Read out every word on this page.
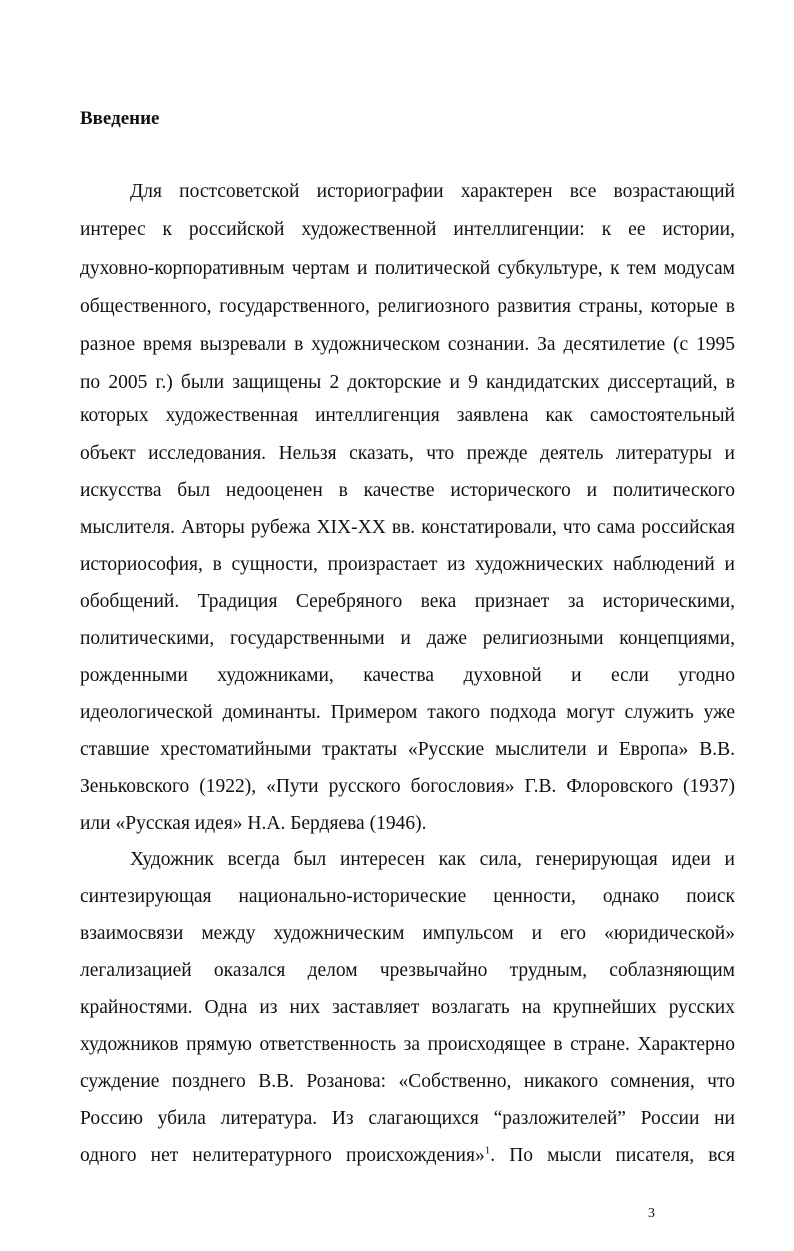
Введение
Для постсоветской историографии характерен все возрастающий
интерес к российской художественной интеллигенции: к ее истории,
духовно-корпоративным чертам и политической субкультуре, к тем модусам
общественного, государственного, религиозного развития страны, которые в
разное время вызревали в художническом сознании. За десятилетие (с 1995
по 2005 г.) были защищены 2 докторские и 9 кандидатских диссертаций, в
которых художественная интеллигенция заявлена как самостоятельный
объект исследования. Нельзя сказать, что прежде деятель литературы и
искусства был недооценен в качестве исторического и политического
мыслителя. Авторы рубежа XIX-XX вв. констатировали, что сама российская
историософия, в сущности, произрастает из художнических наблюдений и
обобщений. Традиция Серебряного века признает за историческими,
политическими, государственными и даже религиозными концепциями,
рожденными художниками, качества духовной и если угодно
идеологической доминанты. Примером такого подхода могут служить уже
ставшие хрестоматийными трактаты «Русские мыслители и Европа» В.В.
Зеньковского (1922), «Пути русского богословия» Г.В. Флоровского (1937)
или «Русская идея» Н.А. Бердяева (1946).
Художник всегда был интересен как сила, генерирующая идеи и
синтезирующая национально-исторические ценности, однако поиск
взаимосвязи между художническим импульсом и его «юридической»
легализацией оказался делом чрезвычайно трудным, соблазняющим
крайностями. Одна из них заставляет возлагать на крупнейших русских
художников прямую ответственность за происходящее в стране. Характерно
суждение позднего В.В. Розанова: «Собственно, никакого сомнения, что
Россию убила литература. Из слагающихся “разложителей” России ни
одного нет нелитературного происхождения»$^1$. По мысли писателя, вся
3
